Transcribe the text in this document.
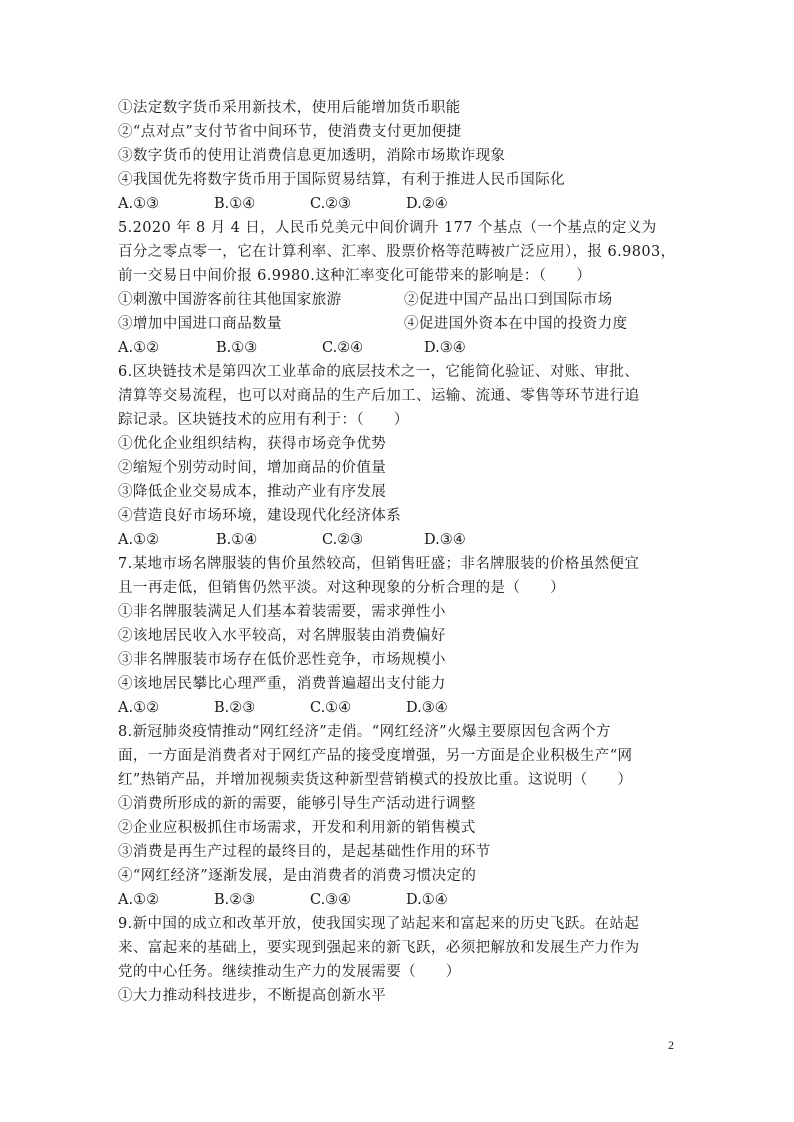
①法定数字货币采用新技术，使用后能增加货币职能
②“点对点”支付节省中间环节，使消费支付更加便捷
③数字货币的使用让消费信息更加透明，消除市场欺诈现象
④我国优先将数字货币用于国际贸易结算，有利于推进人民币国际化
A.①③	B.①④	C.②③	D.②④
5.2020 年 8 月 4 日，人民币兑美元中间价调升 177 个基点（一个基点的定义为
百分之零点零一，它在计算利率、汇率、股票价格等范畴被广泛应用），报 6.9803，
前一交易日中间价报 6.9980.这种汇率变化可能带来的影响是：（　　）
①刺激中国游客前往其他国家旅游	②促进中国产品出口到国际市场
③增加中国进口商品数量	④促进国外资本在中国的投资力度
A.①②	B.①③	C.②④	D.③④
6.区块链技术是第四次工业革命的底层技术之一，它能简化验证、对账、审批、
清算等交易流程，也可以对商品的生产后加工、运输、流通、零售等环节进行追
踪记录。区块链技术的应用有利于：（　　）
①优化企业组织结构，获得市场竞争优势
②缩短个别劳动时间，增加商品的价值量
③降低企业交易成本，推动产业有序发展
④营造良好市场环境，建设现代化经济体系
A.①②	B.①④	C.②③	D.③④
7.某地市场名牌服装的售价虽然较高，但销售旺盛；非名牌服装的价格虽然便宜
且一再走低，但销售仍然平淡。对这种现象的分析合理的是（　　）
①非名牌服装满足人们基本着装需要，需求弹性小
②该地居民收入水平较高，对名牌服装由消费偏好
③非名牌服装市场存在低价恶性竞争，市场规模小
④该地居民攀比心理严重，消费普遍超出支付能力
A.①②	B.②③	C.①④	D.③④
8.新冠肺炎疫情推动“网红经济”走俏。“网红经济”火爆主要原因包含两个方
面，一方面是消费者对于网红产品的接受度增强，另一方面是企业积极生产“网
红”热销产品，并增加视频卖货这种新型营销模式的投放比重。这说明（　　）
①消费所形成的新的需要，能够引导生产活动进行调整
②企业应积极抓住市场需求，开发和利用新的销售模式
③消费是再生产过程的最终目的，是起基础性作用的环节
④“网红经济”逐渐发展，是由消费者的消费习惯决定的
A.①②	B.②③	C.③④	D.①④
9.新中国的成立和改革开放，使我国实现了站起来和富起来的历史飞跃。在站起
来、富起来的基础上，要实现到强起来的新飞跃，必须把解放和发展生产力作为
党的中心任务。继续推动生产力的发展需要（　　）
①大力推动科技进步，不断提高创新水平
2
